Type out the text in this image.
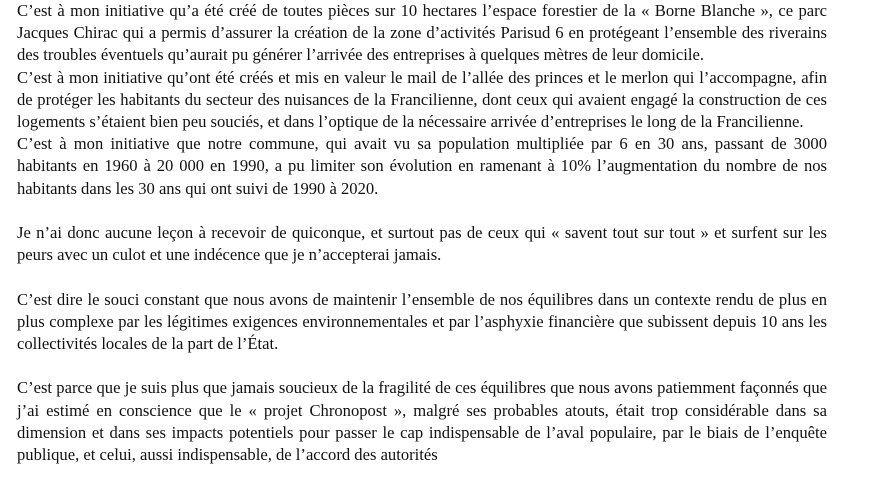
C’est à mon initiative qu’a été créé de toutes pièces sur 10 hectares l’espace forestier de la « Borne Blanche », ce parc Jacques Chirac qui a permis d’assurer la création de la zone d’activités Parisud 6 en protégeant l’ensemble des riverains des troubles éventuels qu’aurait pu générer l’arrivée des entreprises à quelques mètres de leur domicile.

C’est à mon initiative qu’ont été créés et mis en valeur le mail de l’allée des princes et le merlon qui l’accompagne, afin de protéger les habitants du secteur des nuisances de la Francilienne, dont ceux qui avaient engagé la construction de ces logements s’étaient bien peu souciés, et dans l’optique de la nécessaire arrivée d’entreprises le long de la Francilienne.

C’est à mon initiative que notre commune, qui avait vu sa population multipliée par 6 en 30 ans, passant de 3000 habitants en 1960 à 20 000 en 1990, a pu limiter son évolution en ramenant à 10% l’augmentation du nombre de nos habitants dans les 30 ans qui ont suivi de 1990 à 2020.

Je n’ai donc aucune leçon à recevoir de quiconque, et surtout pas de ceux qui « savent tout sur tout » et surfent sur les peurs avec un culot et une indécence que je n’accepterai jamais.

C’est dire le souci constant que nous avons de maintenir l’ensemble de nos équilibres dans un contexte rendu de plus en plus complexe par les légitimes exigences environnementales et par l’asphyxie financière que subissent depuis 10 ans les collectivités locales de la part de l’État.

C’est parce que je suis plus que jamais soucieux de la fragilité de ces équilibres que nous avons patiemment façonnés que j’ai estimé en conscience que le « projet Chronopost », malgré ses probables atouts, était trop considérable dans sa dimension et dans ses impacts potentiels pour passer le cap indispensable de l’aval populaire, par le biais de l’enquête publique, et celui, aussi indispensable, de l’accord des autorités
